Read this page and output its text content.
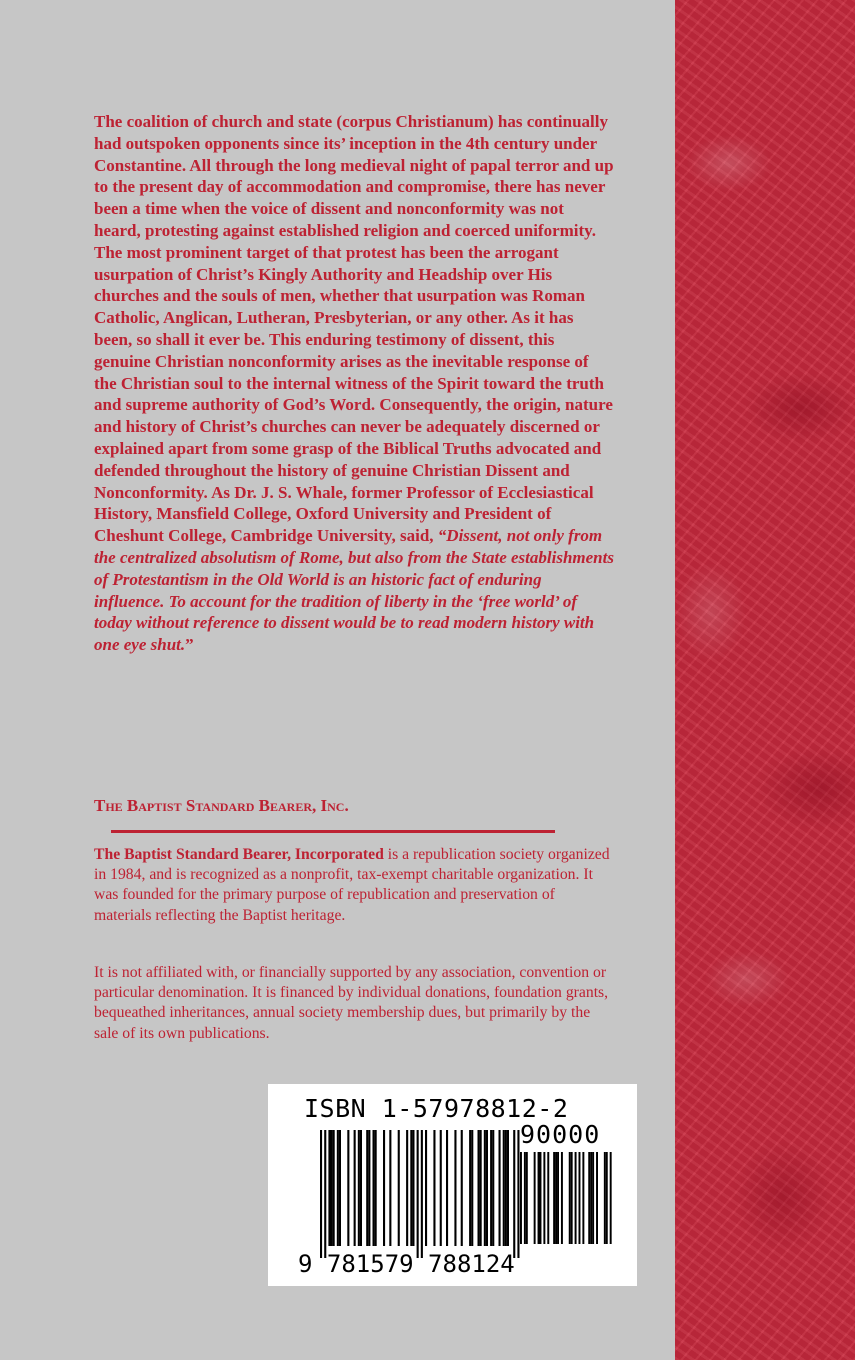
The coalition of church and state (corpus Christianum) has continually had outspoken opponents since its’ inception in the 4th century under Constantine. All through the long medieval night of papal terror and up to the present day of accommodation and compromise, there has never been a time when the voice of dissent and nonconformity was not heard, protesting against established religion and coerced uniformity. The most prominent target of that protest has been the arrogant usurpation of Christ’s Kingly Authority and Headship over His churches and the souls of men, whether that usurpation was Roman Catholic, Anglican, Lutheran, Presbyterian, or any other. As it has been, so shall it ever be. This enduring testimony of dissent, this genuine Christian nonconformity arises as the inevitable response of the Christian soul to the internal witness of the Spirit toward the truth and supreme authority of God’s Word. Consequently, the origin, nature and history of Christ’s churches can never be adequately discerned or explained apart from some grasp of the Biblical Truths advocated and defended throughout the history of genuine Christian Dissent and Nonconformity. As Dr. J. S. Whale, former Professor of Ecclesiastical History, Mansfield College, Oxford University and President of Cheshunt College, Cambridge University, said, “Dissent, not only from the centralized absolutism of Rome, but also from the State establishments of Protestantism in the Old World is an historic fact of enduring influence. To account for the tradition of liberty in the ‘free world’ of today without reference to dissent would be to read modern history with one eye shut.”

The Baptist Standard Bearer, Inc.

The Baptist Standard Bearer, Incorporated is a republication society organized in 1984, and is recognized as a nonprofit, tax-exempt charitable organization. It was founded for the primary purpose of republication and preservation of materials reflecting the Baptist heritage.

It is not affiliated with, or financially supported by any association, convention or particular denomination. It is financed by individual donations, foundation grants, bequeathed inheritances, annual society membership dues, but primarily by the sale of its own publications.

ISBN 1-57978812-2
90000
9 781579 788124
